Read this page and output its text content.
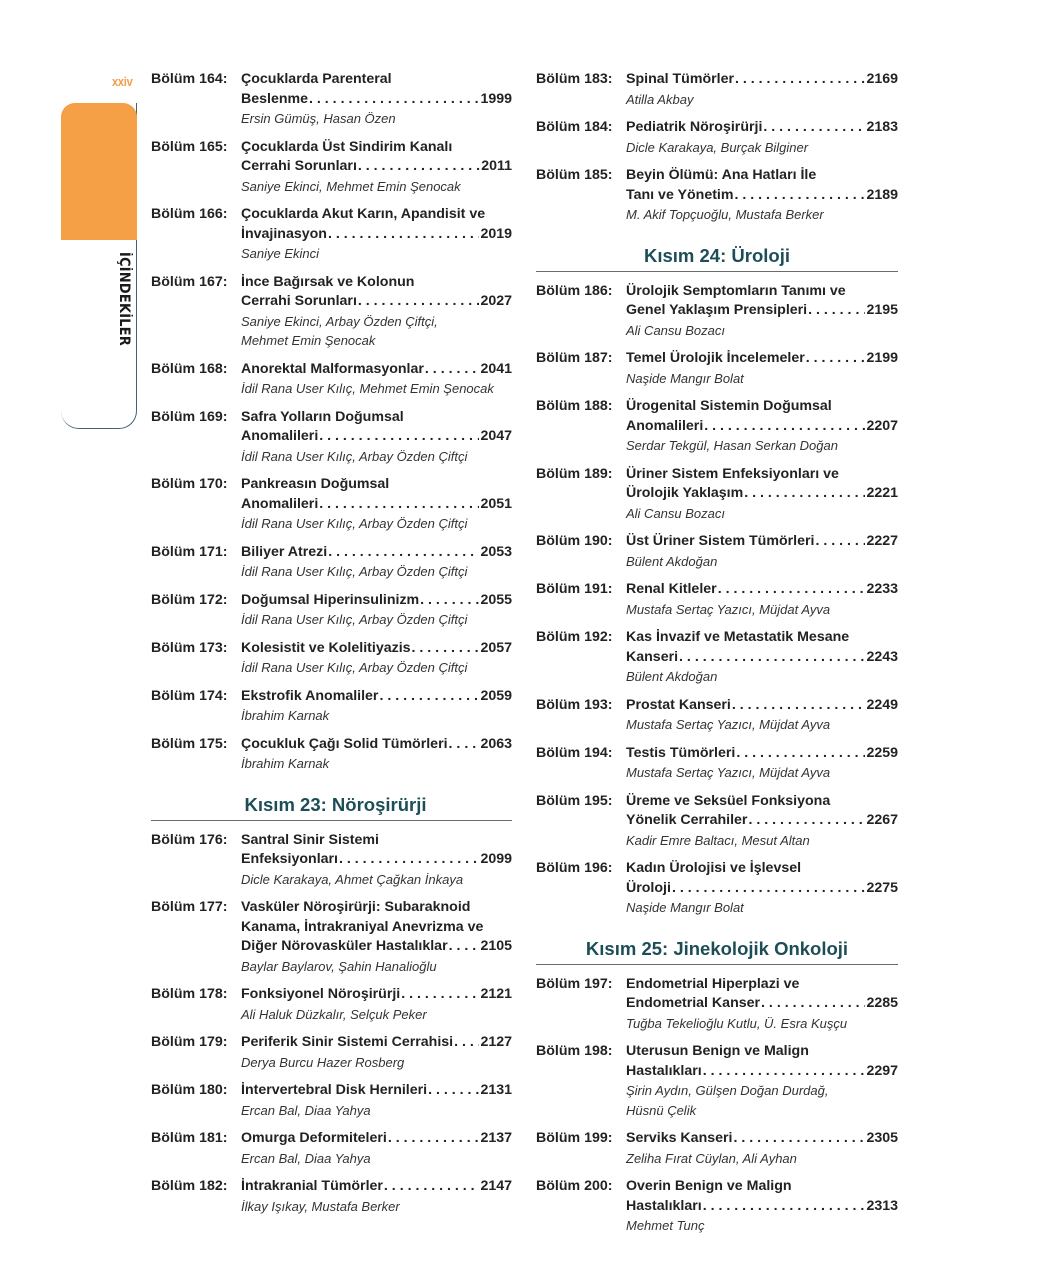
xxiv
İÇİNDEKİLER
Bölüm 164: Çocuklarda Parenteral
Beslenme . . .	1999
Ersin Gümüş, Hasan Özen
Bölüm 165: Çocuklarda Üst Sindirim Kanalı
Cerrahi Sorunları . . .	2011
Saniye Ekinci, Mehmet Emin Şenocak
Bölüm 166: Çocuklarda Akut Karın, Apandisit ve
İnvajinasyon . . .	2019
Saniye Ekinci
Bölüm 167: İnce Bağırsak ve Kolonun
Cerrahi Sorunları . . .	2027
Saniye Ekinci, Arbay Özden Çiftçi,
Mehmet Emin Şenocak
Bölüm 168: Anorektal Malformasyonlar . . .	2041
İdil Rana User Kılıç, Mehmet Emin Şenocak
Bölüm 169: Safra Yolların Doğumsal
Anomalileri . . .	2047
İdil Rana User Kılıç, Arbay Özden Çiftçi
Bölüm 170: Pankreasın Doğumsal
Anomalileri . . .	2051
İdil Rana User Kılıç, Arbay Özden Çiftçi
Bölüm 171: Biliyer Atrezi . . .	2053
İdil Rana User Kılıç, Arbay Özden Çiftçi
Bölüm 172: Doğumsal Hiperinsulinizm . . .	2055
İdil Rana User Kılıç, Arbay Özden Çiftçi
Bölüm 173: Kolesistit ve Kolelitiyazis . . .	2057
İdil Rana User Kılıç, Arbay Özden Çiftçi
Bölüm 174: Ekstrofik Anomaliler . . .	2059
İbrahim Karnak
Bölüm 175: Çocukluk Çağı Solid Tümörleri . . . 2063
İbrahim Karnak
Kısım 23: Nöroşirürji
Bölüm 176: Santral Sinir Sistemi
Enfeksiyonları . . .	2099
Dicle Karakaya, Ahmet Çağkan İnkaya
Bölüm 177: Vasküler Nöroşirürji: Subaraknoid
Kanama, İntrakraniyal Anevrizma ve
Diğer Nörovasküler Hastalıklar . . . 2105
Baylar Baylarov, Şahin Hanalioğlu
Bölüm 178: Fonksiyonel Nöroşirürji . . .	2121
Ali Haluk Düzkalır, Selçuk Peker
Bölüm 179: Periferik Sinir Sistemi Cerrahisi . . . 2127
Derya Burcu Hazer Rosberg
Bölüm 180: İntervertebral Disk Hernileri . . .	2131
Ercan Bal, Diaa Yahya
Bölüm 181: Omurga Deformiteleri . . .	2137
Ercan Bal, Diaa Yahya
Bölüm 182: İntrakranial Tümörler . . .	2147
İlkay Işıkay, Mustafa Berker
Bölüm 183: Spinal Tümörler . . .	2169
Atilla Akbay
Bölüm 184: Pediatrik Nöroşirürji . . .	2183
Dicle Karakaya, Burçak Bilginer
Bölüm 185: Beyin Ölümü: Ana Hatları İle
Tanı ve Yönetim . . .	2189
M. Akif Topçuoğlu, Mustafa Berker
Kısım 24: Üroloji
Bölüm 186: Ürolojik Semptomların Tanımı ve
Genel Yaklaşım Prensipleri . . .	2195
Ali Cansu Bozacı
Bölüm 187: Temel Ürolojik İncelemeler . . .	2199
Naşide Mangır Bolat
Bölüm 188: Ürogenital Sistemin Doğumsal
Anomalileri . . .	2207
Serdar Tekgül, Hasan Serkan Doğan
Bölüm 189: Üriner Sistem Enfeksiyonları ve
Ürolojik Yaklaşım . . .	2221
Ali Cansu Bozacı
Bölüm 190: Üst Üriner Sistem Tümörleri . . .	2227
Bülent Akdoğan
Bölüm 191: Renal Kitleler . . .	2233
Mustafa Sertaç Yazıcı, Müjdat Ayva
Bölüm 192: Kas İnvazif ve Metastatik Mesane
Kanseri . . .	2243
Bülent Akdoğan
Bölüm 193: Prostat Kanseri . . .	2249
Mustafa Sertaç Yazıcı, Müjdat Ayva
Bölüm 194: Testis Tümörleri . . .	2259
Mustafa Sertaç Yazıcı, Müjdat Ayva
Bölüm 195: Üreme ve Seksüel Fonksiyona
Yönelik Cerrahiler . . .	2267
Kadir Emre Baltacı, Mesut Altan
Bölüm 196: Kadın Ürolojisi ve İşlevsel
Üroloji . . .	2275
Naşide Mangır Bolat
Kısım 25: Jinekolojik Onkoloji
Bölüm 197: Endometrial Hiperplazi ve
Endometrial Kanser . . .	2285
Tuğba Tekelioğlu Kutlu, Ü. Esra Kuşçu
Bölüm 198: Uterusun Benign ve Malign
Hastalıkları . . .	2297
Şirin Aydın, Gülşen Doğan Durdağ,
Hüsnü Çelik
Bölüm 199: Serviks Kanseri . . .	2305
Zeliha Fırat Cüylan, Ali Ayhan
Bölüm 200: Overin Benign ve Malign
Hastalıkları . . .	2313
Mehmet Tunç
